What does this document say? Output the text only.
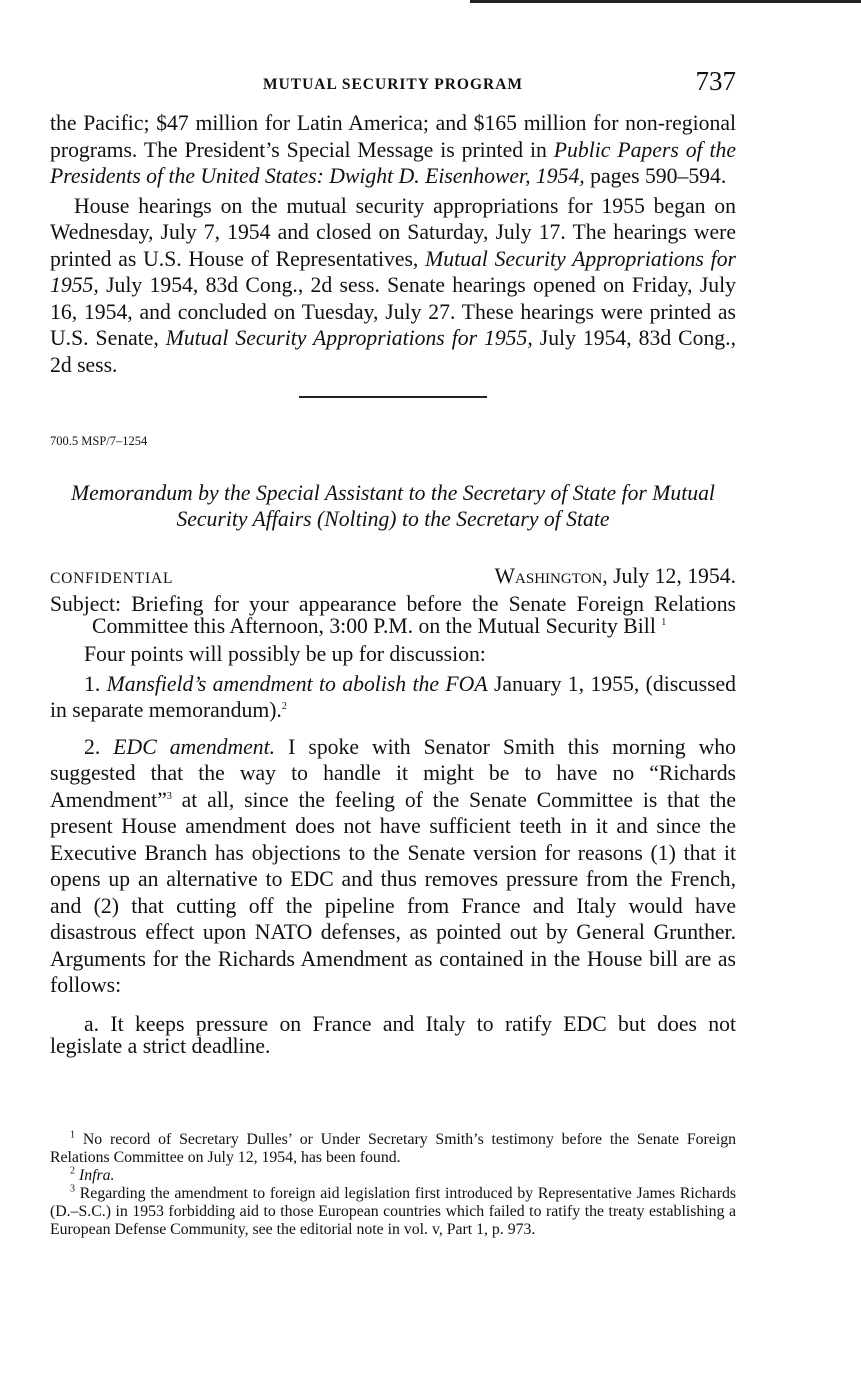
MUTUAL SECURITY PROGRAM	737

the Pacific; $47 million for Latin America; and $165 million for non-regional programs. The President’s Special Message is printed in Public Papers of the Presidents of the United States: Dwight D. Eisenhower, 1954, pages 590–594.

House hearings on the mutual security appropriations for 1955 began on Wednesday, July 7, 1954 and closed on Saturday, July 17. The hearings were printed as U.S. House of Representatives, Mutual Security Appropriations for 1955, July 1954, 83d Cong., 2d sess. Senate hearings opened on Friday, July 16, 1954, and concluded on Tuesday, July 27. These hearings were printed as U.S. Senate, Mutual Security Appropriations for 1955, July 1954, 83d Cong., 2d sess.

700.5 MSP/7–1254
Memorandum by the Special Assistant to the Secretary of State for Mutual Security Affairs (Nolting) to the Secretary of State
CONFIDENTIAL	Washington, July 12, 1954.

Subject: Briefing for your appearance before the Senate Foreign Relations Committee this Afternoon, 3:00 P.M. on the Mutual Security Bill $^1$

Four points will possibly be up for discussion:

1. Mansfield’s amendment to abolish the FOA January 1, 1955, (discussed in separate memorandum).$^2$

2. EDC amendment. I spoke with Senator Smith this morning who suggested that the way to handle it might be to have no “Richards Amendment”$^3$ at all, since the feeling of the Senate Committee is that the present House amendment does not have sufficient teeth in it and since the Executive Branch has objections to the Senate version for reasons (1) that it opens up an alternative to EDC and thus removes pressure from the French, and (2) that cutting off the pipeline from France and Italy would have disastrous effect upon NATO defenses, as pointed out by General Grunther. Arguments for the Richards Amendment as contained in the House bill are as follows:

a. It keeps pressure on France and Italy to ratify EDC but does not legislate a strict deadline.

$^1$ No record of Secretary Dulles’ or Under Secretary Smith’s testimony before the Senate Foreign Relations Committee on July 12, 1954, has been found.

$^2$ Infra.

$^3$ Regarding the amendment to foreign aid legislation first introduced by Representative James Richards (D.–S.C.) in 1953 forbidding aid to those European countries which failed to ratify the treaty establishing a European Defense Community, see the editorial note in vol. v, Part 1, p. 973.
